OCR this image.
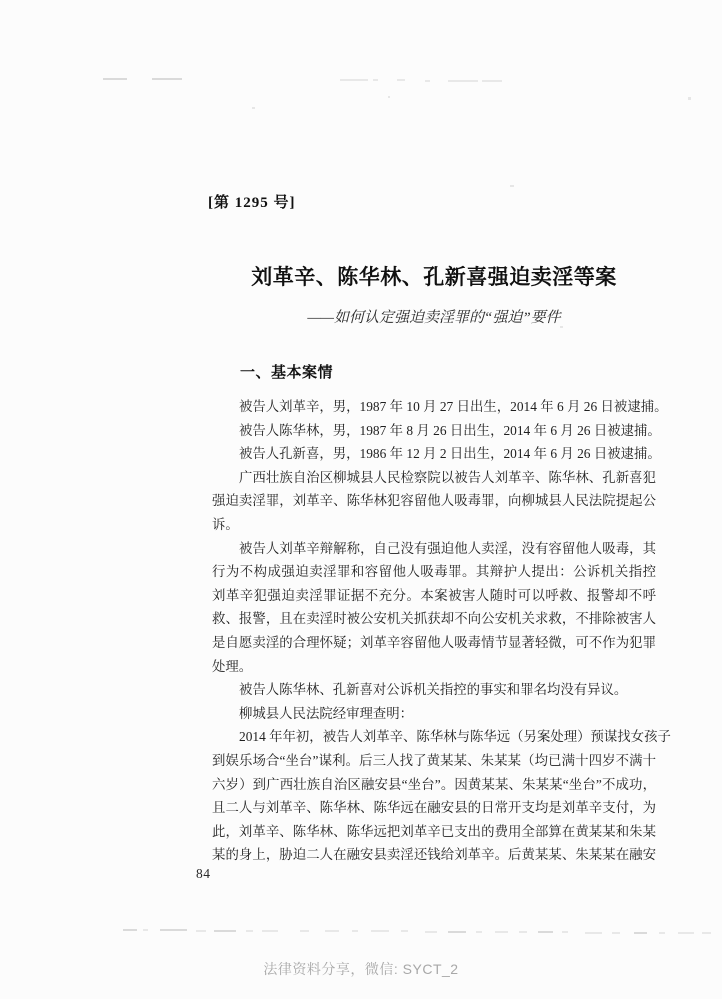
[第 1295 号]
刘革辛、陈华林、孔新喜强迫卖淫等案
——如何认定强迫卖淫罪的“强迫”要件
一、基本案情
被告人刘革辛，男，1987 年 10 月 27 日出生，2014 年 6 月 26 日被逮捕。
被告人陈华林，男，1987 年 8 月 26 日出生，2014 年 6 月 26 日被逮捕。
被告人孔新喜，男，1986 年 12 月 2 日出生，2014 年 6 月 26 日被逮捕。
广西壮族自治区柳城县人民检察院以被告人刘革辛、陈华林、孔新喜犯
强迫卖淫罪，刘革辛、陈华林犯容留他人吸毒罪，向柳城县人民法院提起公
诉。
被告人刘革辛辩解称，自己没有强迫他人卖淫，没有容留他人吸毒，其
行为不构成强迫卖淫罪和容留他人吸毒罪。其辩护人提出：公诉机关指控
刘革辛犯强迫卖淫罪证据不充分。本案被害人随时可以呼救、报警却不呼
救、报警，且在卖淫时被公安机关抓获却不向公安机关求救，不排除被害人
是自愿卖淫的合理怀疑；刘革辛容留他人吸毒情节显著轻微，可不作为犯罪
处理。
被告人陈华林、孔新喜对公诉机关指控的事实和罪名均没有异议。
柳城县人民法院经审理查明：
2014 年年初，被告人刘革辛、陈华林与陈华远（另案处理）预谋找女孩子
到娱乐场合“坐台”谋利。后三人找了黄某某、朱某某（均已满十四岁不满十
六岁）到广西壮族自治区融安县“坐台”。因黄某某、朱某某“坐台”不成功，
且二人与刘革辛、陈华林、陈华远在融安县的日常开支均是刘革辛支付，为
此，刘革辛、陈华林、陈华远把刘革辛已支出的费用全部算在黄某某和朱某
某的身上，胁迫二人在融安县卖淫还钱给刘革辛。后黄某某、朱某某在融安
84
法律资料分享，微信: SYCT_2
